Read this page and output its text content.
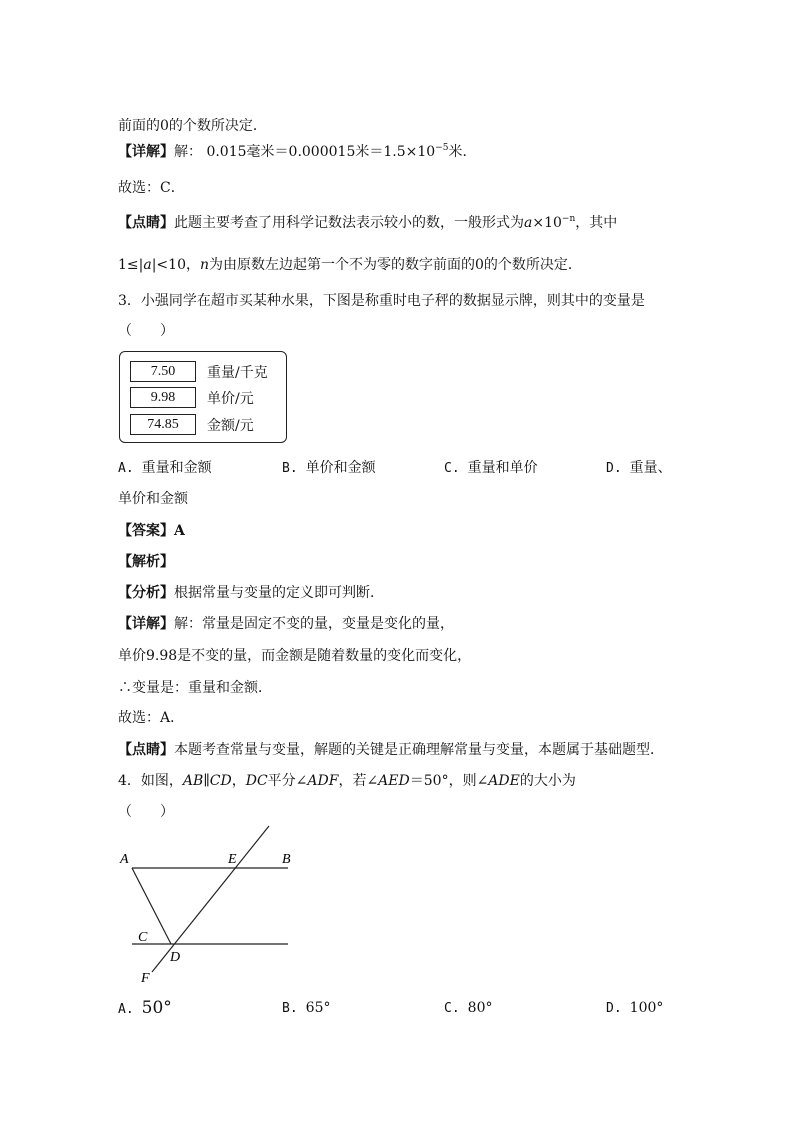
前面的0的个数所决定．
【详解】解： 0.015毫米＝0.000015米$=1.5\times 10^{-5}$米．
故选：C．
【点睛】此题主要考查了用科学记数法表示较小的数，一般形式为$a\times 10^{-n}$，其中
1≤|a|<10，n为由原数左边起第一个不为零的数字前面的0的个数所决定．
3．小强同学在超市买某种水果，下图是称重时电子秤的数据显示牌，则其中的变量是
（　　）
7.50	重量/千克
9.98	单价/元
74.85	金额/元
A. 重量和金额	B. 单价和金额	C. 重量和单价	D. 重量、
单价和金额
【答案】A
【解析】
【分析】根据常量与变量的定义即可判断．
【详解】解：常量是固定不变的量，变量是变化的量，
单价9.98是不变的量，而金额是随着数量的变化而变化，
∴变量是：重量和金额．
故选：A．
【点睛】本题考查常量与变量，解题的关键是正确理解常量与变量，本题属于基础题型．
4．如图，AB∥CD，DC平分∠ADF，若∠AED＝50°，则∠ADE的大小为
（　　）
A	E	B
C
D
F
A. 50°	B. 65°	C. 80°	D. 100°
